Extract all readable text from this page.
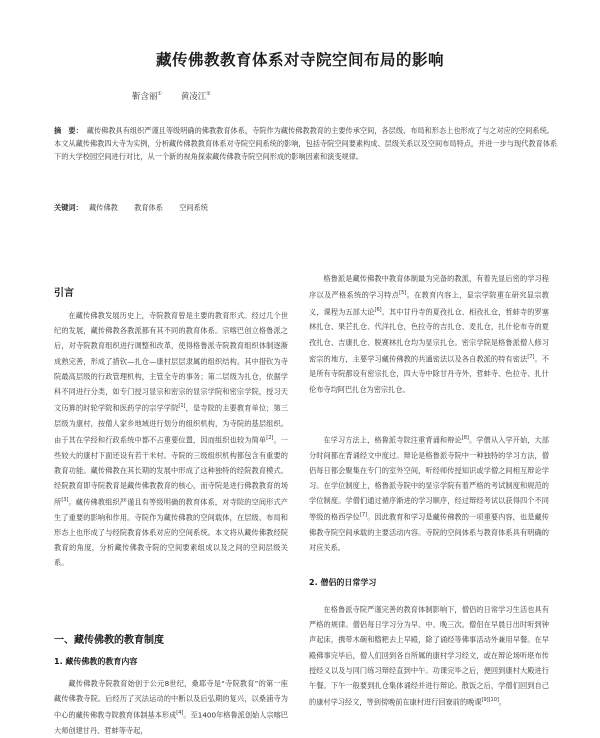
藏传佛教教育体系对寺院空间布局的影响
靳含丽① 黄凌江②
摘　要： 藏传佛教具有组织严谨且等级明确的佛教教育体系，寺院作为藏传佛教教育的主要传承空间，各层级、布局和形态上也形成了与之对应的空间系统。本文从藏传佛教四大寺为实例，分析藏传佛教教育体系对寺院空间系统的影响，包括寺院空间要素构成、层级关系以及空间布局特点，并进一步与现代教育体系下的大学校园空间进行对比，从一个新的视角探索藏传佛教寺院空间形成的影响因素和演变规律。
关键词： 藏传佛教 教育体系 空间系统
引言

在藏传佛教发展历史上，寺院教育曾是主要的教育形式。经过几个世纪的发展，藏传佛教各教派都有其不同的教育体系。宗喀巴创立格鲁派之后，对寺院教育组织进行调整和改革，使得格鲁派寺院教育组织体制逐渐成熟完善，形成了措钦—扎仓—康村层层隶属的组织结构。其中措钦为寺院最高层级的行政管理机构，主管全寺的事务；第二层级为扎仓，依据学科不同进行分类，如专门授习显宗和密宗的显宗学院和密宗学院，授习天文历算的时轮学院和医药学的宗学学院[1]，是寺院的主要教育单位；第三层级为康村，按僧人家乡地域进行划分的组织机构，为寺院的基层组织。由于其在学经和行政系统中都不占重要位置，因而组织也较为简单[2]。一些较大的康村下面还设有若干米村。寺院的三级组织机构都包含有重要的教育功能。藏传佛教在其长期的发展中形成了这种独特的经院教育模式。经院教育即寺院教育是藏传佛教教育的核心，而寺院是进行佛教教育的场所[3]。藏传佛教组织严谨且有等级明确的教育体系，对寺院的空间形式产生了重要的影响和作用。寺院作为藏传佛教的空间载体，在层级、布局和形态上也形成了与经院教育体系对应的空间系统。本文将从藏传佛教经院教育的角度，分析藏传佛教寺院的空间要素组成以及之间的空间层级关系。

一、藏传佛教的教育制度
1. 藏传佛教的教育内容

藏传佛教寺院教育始创于公元8世纪，桑耶寺是“寺院教育”的第一座藏传佛教寺院。后经历了灭法运动的中断以及后弘期的复兴，以桑浦寺为中心的藏传佛教寺院教育体制基本形成[4]。至1400年格鲁派创始人宗喀巴大师创建甘丹、哲蚌等寺起，

格鲁派是藏传佛教中教育体制最为完备的教派，有着先显后密的学习程序以及严格系统的学习特点[5]。在教育内容上，显宗学院重在研究显宗教义，课程为五部大论[6]。其中甘丹寺的夏孜扎仓、相孜扎仓，哲蚌寺的罗塞林扎仓、果芒扎仓、代洋扎仓，色拉寺的吉扎仓、麦扎仓，扎什伦布寺的夏孜扎仓、吉康扎仓、脱赛林扎仓均为显宗扎仓。密宗学院是格鲁派僧人修习密宗的地方，主要学习藏传佛教的共通密法以及各自教派的特有密法[7]。不是所有寺院都设有密宗扎仓，四大寺中除甘丹寺外，哲蚌寺、色拉寺、扎什伦布寺均阿巴扎仓为密宗扎仓。

在学习方法上，格鲁派寺院注重背诵和辩论[8]。学僧从入学开始，大部分时间都在背诵经文中度过。辩论是格鲁派寺院中一种独特的学习方法，僧侣每日都会聚集在专门的室外空间，听经师传授知识或学僧之间相互辩论学习。在学位制度上，格鲁派寺院中的显宗学院有着严格的考试制度和规范的学位制度。学僧们通过循序渐进的学习顺序，经过辩经考试以获得四个不同等级的格西学位[7]。因此教育和学习是藏传佛教的一项重要内容，也是藏传佛教寺院空间承载的主要活动内容。寺院的空间体系与教育体系具有明确的对应关系。

2. 僧侣的日常学习

在格鲁派寺院严谨完善的教育体制影响下，僧侣的日常学习生活也具有严格的规律。僧侣每日学习分为早、中、晚三次。僧侣在早晨日出时听到钟声起床，携带木碗和糌粑去上早殿，除了诵经等佛事活动外兼用早餐。在早殿佛事完毕后，僧人们回到各自所属的康村学习经文，或在辩论场听堪布传授经义以及与同门练习辩经直到中午。功课完毕之后，便回到康村大殿进行午餐。下午一般要到扎仓集体诵经并进行辩论。散饭之后，学僧们回到自己的康村学习经文，等到傍晚前在康村进行回寮前的晚课[9][10]。
